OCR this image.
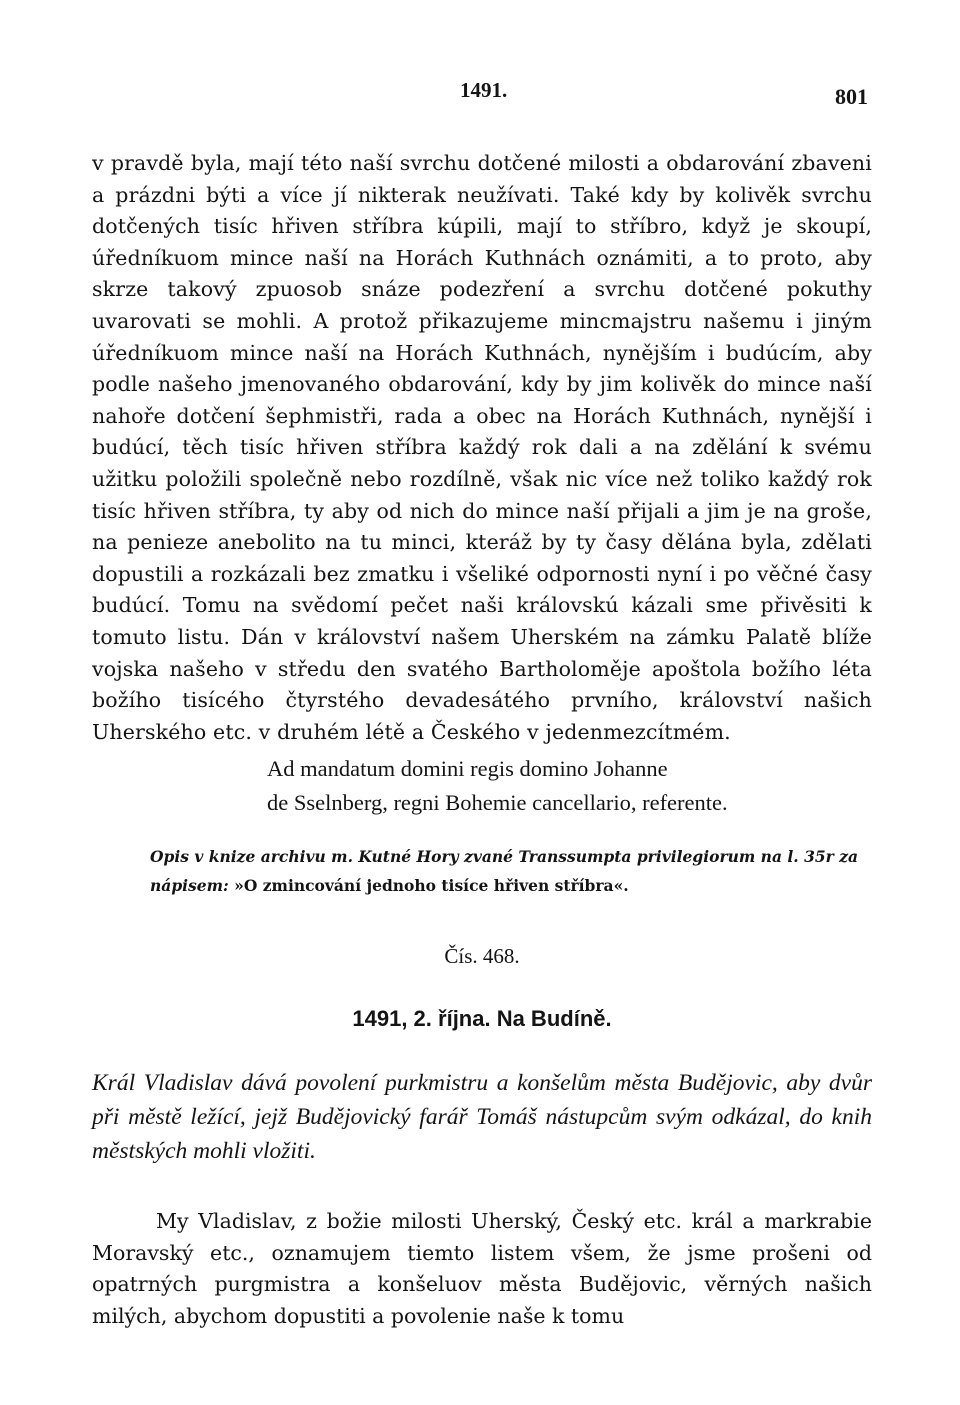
1491.	801

v pravdě byla, mají této naší svrchu dotčené milosti a obdarování zbaveni a prázdni býti a více jí nikterak neužívati. Také kdy by kolivěk svrchu dotčených tisíc hřiven stříbra kúpili, mají to stříbro, když je skoupí, úředníkuom mince naší na Horách Kuthnách oznámiti, a to proto, aby skrze takový zpuosob snáze podezření a svrchu dotčené pokuthy uvarovati se mohli. A protož přikazujeme mincmajstru našemu i jiným úředníkuom mince naší na Horách Kuthnách, nynějším i budúcím, aby podle našeho jmenovaného obdarování, kdy by jim kolivěk do mince naší nahoře dotčení šephmistři, rada a obec na Horách Kuthnách, nynější i budúcí, těch tisíc hřiven stříbra každý rok dali a na zdělání k svému užitku položili společně nebo rozdílně, však nic více než toliko každý rok tisíc hřiven stříbra, ty aby od nich do mince naší přijali a jim je na groše, na penieze anebolito na tu minci, kteráž by ty časy dělána byla, zdělati dopustili a rozkázali bez zmatku i všeliké odpornosti nyní i po věčné časy budúcí. Tomu na svědomí pečet naši královskú kázali sme přivěsiti k tomuto listu. Dán v království našem Uherském na zámku Palatě blíže vojska našeho v středu den svatého Bartholoměje apoštola božího léta božího tisícého čtyrstého devadesátého prvního, království našich Uherského etc. v druhém létě a Českého v jedenmezcítmém.

Ad mandatum domini regis domino Johanne
de Sselnberg, regni Bohemie cancellario, referente.
Opis v knize archivu m. Kutné Hory zvané Transsumpta privilegiorum na l. 35r za nápisem: »O zmincování jednoho tisíce hřiven stříbra«.
Čís. 468.
1491, 2. října. Na Budíně.

Král Vladislav dává povolení purkmistru a konšelům města Budějovic, aby dvůr při městě ležící, jejž Budějovický farář Tomáš nástupcům svým odkázal, do knih městských mohli vložiti.

My Vladislav, z božie milosti Uherský, Český etc. král a markrabie Moravský etc., oznamujem tiemto listem všem, že jsme prošeni od opatrných purgmistra a konšeluov města Budějovic, věrných našich milých, abychom dopustiti a povolenie naše k tomu
